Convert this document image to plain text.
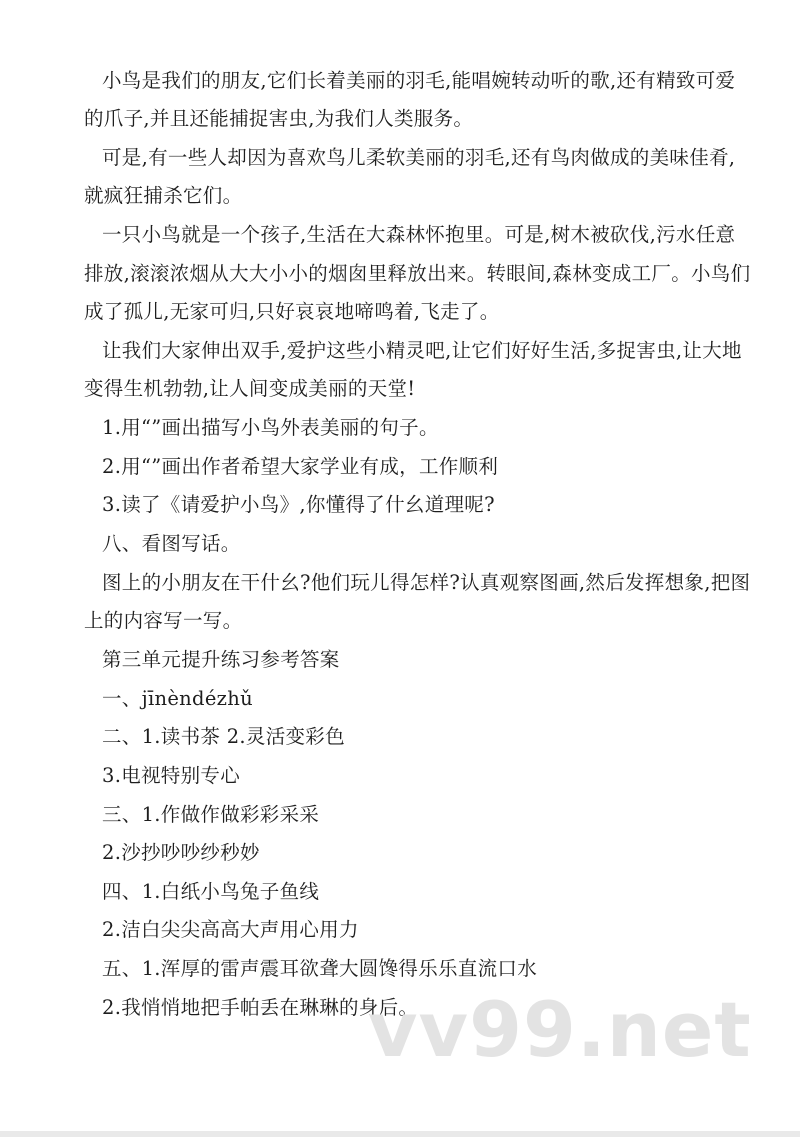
小鸟是我们的朋友,它们长着美丽的羽毛,能唱婉转动听的歌,还有精致可爱

的爪子,并且还能捕捉害虫,为我们人类服务。

可是,有一些人却因为喜欢鸟儿柔软美丽的羽毛,还有鸟肉做成的美味佳肴,

就疯狂捕杀它们。

一只小鸟就是一个孩子,生活在大森林怀抱里。可是,树木被砍伐,污水任意

排放,滚滚浓烟从大大小小的烟囱里释放出来。转眼间,森林变成工厂。小鸟们

成了孤儿,无家可归,只好哀哀地啼鸣着,飞走了。

让我们大家伸出双手,爱护这些小精灵吧,让它们好好生活,多捉害虫,让大地

变得生机勃勃,让人间变成美丽的天堂!

1.用“”画出描写小鸟外表美丽的句子。

2.用“”画出作者希望大家学业有成，工作顺利

3.读了《请爱护小鸟》,你懂得了什幺道理呢?

八、看图写话。

图上的小朋友在干什幺?他们玩儿得怎样?认真观察图画,然后发挥想象,把图

上的内容写一写。

第三单元提升练习参考答案

一、jīnèndézhǔ

二、1.读书茶 2.灵活变彩色

3.电视特别专心

三、1.作做作做彩彩采采

2.沙抄吵吵纱秒妙

四、1.白纸小鸟兔子鱼线

2.洁白尖尖高高大声用心用力

五、1.浑厚的雷声震耳欲聋大圆馋得乐乐直流口水

2.我悄悄地把手帕丢在琳琳的身后。

vv99.net
